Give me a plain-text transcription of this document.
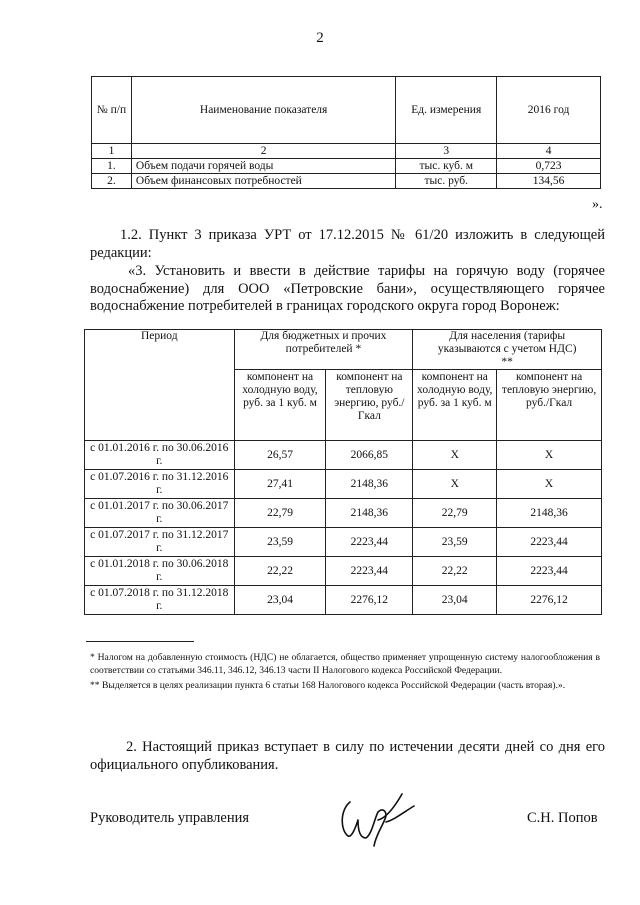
2
№ п/п	Наименование показателя	Ед. измерения	2016 год
1	2	3	4
1.	Объем подачи горячей воды	тыс. куб. м	0,723
2.	Объем финансовых потребностей	тыс. руб.	134,56
».

1.2. Пункт 3 приказа УРТ от 17.12.2015 № 61/20 изложить в следующей редакции:

«3. Установить и ввести в действие тарифы на горячую воду (горячее водоснабжение) для ООО «Петровские бани», осуществляющего горячее водоснабжение потребителей в границах городского округа город Воронеж:

Период	Для бюджетных и прочих потребителей *		Для населения (тарифы указываются с учетом НДС) **	
	компонент на холодную воду, руб. за 1 куб. м	компонент на тепловую энергию, руб./Гкал	компонент на холодную воду, руб. за 1 куб. м	компонент на тепловую энергию, руб./Гкал
с 01.01.2016 г. по 30.06.2016 г.	26,57	2066,85	Х	Х
с 01.07.2016 г. по 31.12.2016 г.	27,41	2148,36	Х	Х
с 01.01.2017 г. по 30.06.2017 г.	22,79	2148,36	22,79	2148,36
с 01.07.2017 г. по 31.12.2017 г.	23,59	2223,44	23,59	2223,44
с 01.01.2018 г. по 30.06.2018 г.	22,22	2223,44	22,22	2223,44
с 01.07.2018 г. по 31.12.2018 г.	23,04	2276,12	23,04	2276,12

* Налогом на добавленную стоимость (НДС) не облагается, общество применяет упрощенную систему налогообложения в соответствии со статьями 346.11, 346.12, 346.13 части II Налогового кодекса Российской Федерации.

** Выделяется в целях реализации пункта 6 статьи 168 Налогового кодекса Российской Федерации (часть вторая).».

2. Настоящий приказ вступает в силу по истечении десяти дней со дня его официального опубликования.

Руководитель управления	С.Н. Попов
